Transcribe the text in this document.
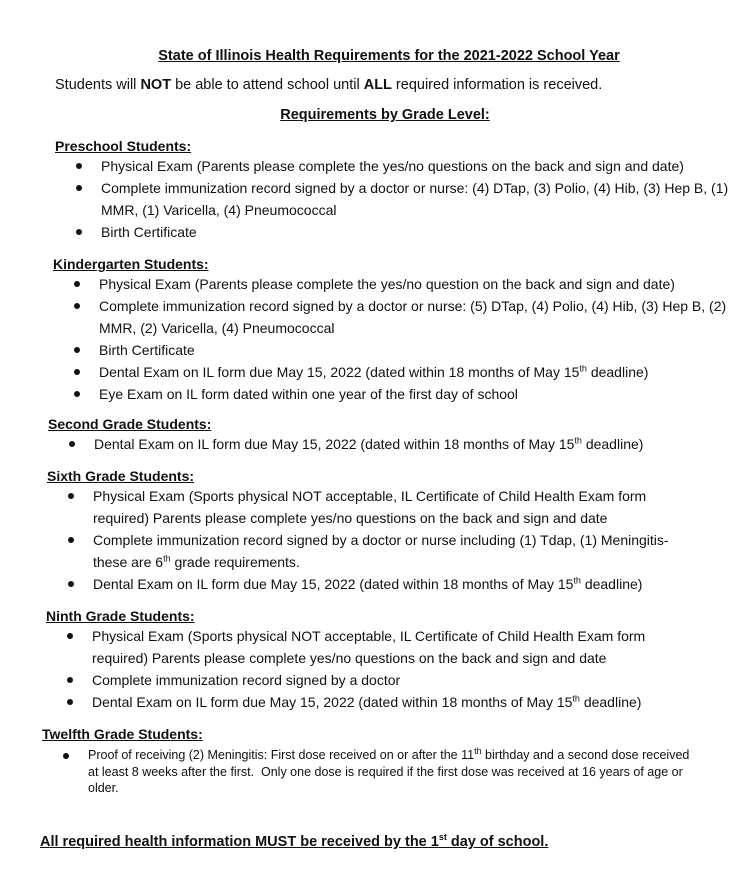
State of Illinois Health Requirements for the 2021-2022 School Year
Students will NOT be able to attend school until ALL required information is received.
Requirements by Grade Level:

Preschool Students:

Physical Exam (Parents please complete the yes/no questions on the back and sign and date)
Complete immunization record signed by a doctor or nurse: (4) DTap, (3) Polio, (4) Hib, (3) Hep B, (1) MMR, (1) Varicella, (4) Pneumococcal
Birth Certificate

Kindergarten Students:

Physical Exam (Parents please complete the yes/no question on the back and sign and date)
Complete immunization record signed by a doctor or nurse: (5) DTap, (4) Polio, (4) Hib, (3) Hep B, (2) MMR, (2) Varicella, (4) Pneumococcal
Birth Certificate
Dental Exam on IL form due May 15, 2022 (dated within 18 months of May 15th deadline)
Eye Exam on IL form dated within one year of the first day of school

Second Grade Students:

Dental Exam on IL form due May 15, 2022 (dated within 18 months of May 15th deadline)

Sixth Grade Students:

Physical Exam (Sports physical NOT acceptable, IL Certificate of Child Health Exam form required) Parents please complete yes/no questions on the back and sign and date
Complete immunization record signed by a doctor or nurse including (1) Tdap, (1) Meningitis- these are 6th grade requirements.
Dental Exam on IL form due May 15, 2022 (dated within 18 months of May 15th deadline)

Ninth Grade Students:

Physical Exam (Sports physical NOT acceptable, IL Certificate of Child Health Exam form required) Parents please complete yes/no questions on the back and sign and date
Complete immunization record signed by a doctor
Dental Exam on IL form due May 15, 2022 (dated within 18 months of May 15th deadline)

Twelfth Grade Students:

Proof of receiving (2) Meningitis: First dose received on or after the 11th birthday and a second dose received at least 8 weeks after the first.  Only one dose is required if the first dose was received at 16 years of age or older.
All required health information MUST be received by the 1st day of school.
